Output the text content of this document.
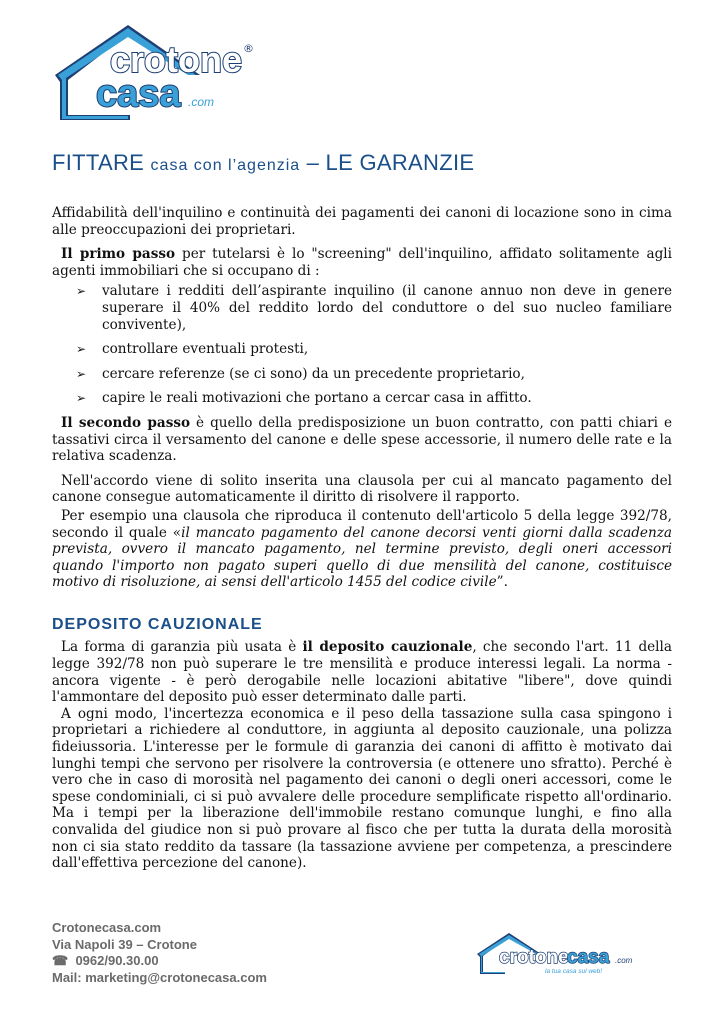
crotone
casa .com
®
FITTARE casa con l’agenzia – LE GARANZIE

Affidabilità dell'inquilino e continuità dei pagamenti dei canoni di locazione sono in cima alle preoccupazioni dei proprietari.

Il primo passo per tutelarsi è lo "screening" dell'inquilino, affidato solitamente agli agenti immobiliari che si occupano di :

➢ valutare i redditi dell’aspirante inquilino (il canone annuo non deve in genere superare il 40% del reddito lordo del conduttore o del suo nucleo familiare convivente),
➢ controllare eventuali protesti,
➢ cercare referenze (se ci sono) da un precedente proprietario,
➢ capire le reali motivazioni che portano a cercar casa in affitto.

Il secondo passo è quello della predisposizione un buon contratto, con patti chiari e tassativi circa il versamento del canone e delle spese accessorie, il numero delle rate e la relativa scadenza.

Nell'accordo viene di solito inserita una clausola per cui al mancato pagamento del canone consegue automaticamente il diritto di risolvere il rapporto.

Per esempio una clausola che riproduca il contenuto dell'articolo 5 della legge 392/78, secondo il quale «il mancato pagamento del canone decorsi venti giorni dalla scadenza prevista, ovvero il mancato pagamento, nel termine previsto, degli oneri accessori quando l'importo non pagato superi quello di due mensilità del canone, costituisce motivo di risoluzione, ai sensi dell'articolo 1455 del codice civile”.

DEPOSITO CAUZIONALE

La forma di garanzia più usata è il deposito cauzionale, che secondo l'art. 11 della legge 392/78 non può superare le tre mensilità e produce interessi legali. La norma - ancora vigente - è però derogabile nelle locazioni abitative "libere", dove quindi l'ammontare del deposito può esser determinato dalle parti.

A ogni modo, l'incertezza economica e il peso della tassazione sulla casa spingono i proprietari a richiedere al conduttore, in aggiunta al deposito cauzionale, una polizza fideiussoria. L'interesse per le formule di garanzia dei canoni di affitto è motivato dai lunghi tempi che servono per risolvere la controversia (e ottenere uno sfratto). Perché è vero che in caso di morosità nel pagamento dei canoni o degli oneri accessori, come le spese condominiali, ci si può avvalere delle procedure semplificate rispetto all'ordinario. Ma i tempi per la liberazione dell'immobile restano comunque lunghi, e fino alla convalida del giudice non si può provare al fisco che per tutta la durata della morosità non ci sia stato reddito da tassare (la tassazione avviene per competenza, a prescindere dall'effettiva percezione del canone).

Crotonecasa.com
Via Napoli 39 – Crotone
☎ 0962/90.30.00
Mail: marketing@crotonecasa.com
crotone
casa .com
la tua casa sul web!
